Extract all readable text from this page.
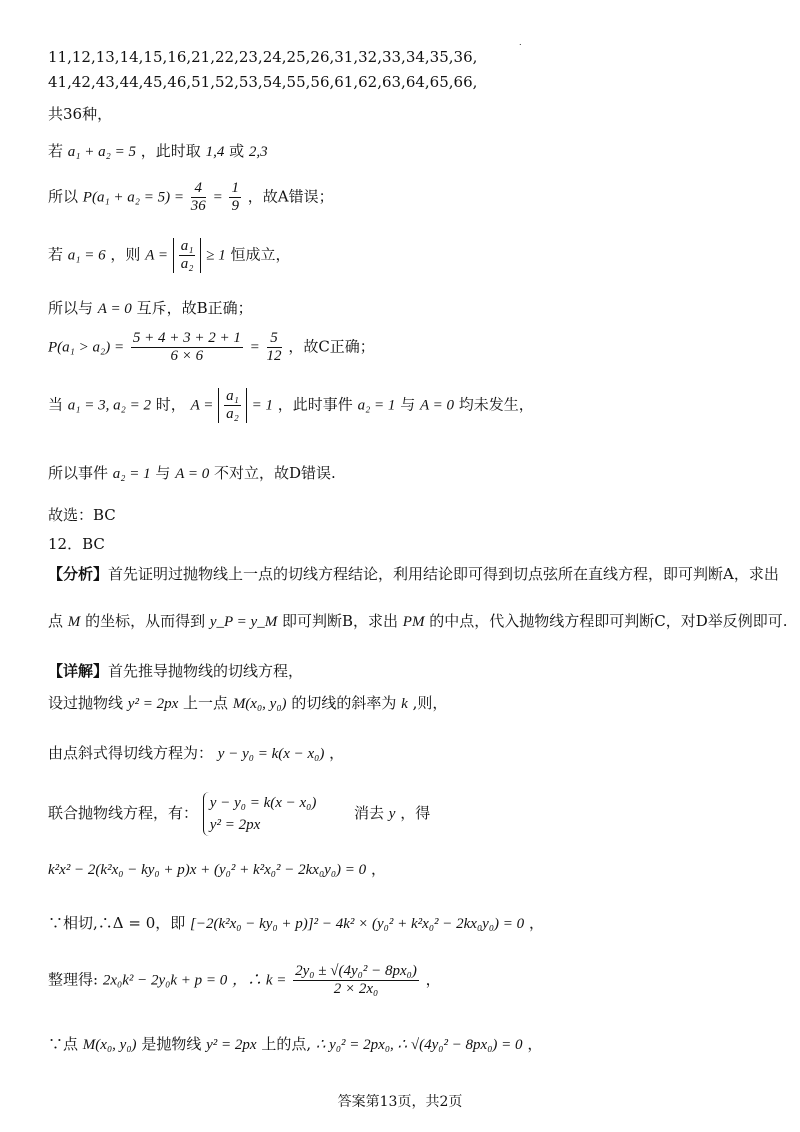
.
11,12,13,14,15,16,21,22,23,24,25,26,31,32,33,34,35,36,
41,42,43,44,45,46,51,52,53,54,55,56,61,62,63,64,65,66,
共36种，
若 a₁ + a₂ = 5 ，此时取 1,4 或 2,3
所以 $P(a_1 + a_2 = 5) = \frac{4}{36} = \frac{1}{9}$ ，故A错误；
若 a₁ = 6 ，则 $A = \frac{\text{a₁}}{\text{a₂}} \ge 1$ 恒成立，
所以与 A = 0 互斥，故B正确；
$P(a_1 > a_2) = \frac{5 + 4 + 3 + 2 + 1}{6 \times 6} = \frac{5}{12}$ ，故C正确；
当 a₁ = 3, a₂ = 2 时， $A = \frac{\text{a₁}}{\text{a₂}} = 1$ ，此时事件 a₂ = 1 与 A = 0 均未发生，
所以事件 a₂ = 1 与 A = 0 不对立，故D错误.
故选：BC
12．BC
【分析】首先证明过抛物线上一点的切线方程结论，利用结论即可得到切点弦所在直线方程，即可判断A，求出
点 M 的坐标，从而得到 y_P = y_M 即可判断B，求出 PM 的中点，代入抛物线方程即可判断C，对D举反例即可.
【详解】首先推导抛物线的切线方程，
设过抛物线 y² = 2px 上一点 M(x₀, y₀) 的切线的斜率为 k ,则，
由点斜式得切线方程为： y − y₀ = k(x − x₀) ，
联合抛物线方程，有：
y − y₀ = k(x − x₀)
y² = 2px
消去 y ，得
k²x² − 2(k²x₀ − ky₀ + p)x + (y₀² + k²x₀² − 2kx₀y₀) = 0 ，
∵相切,∴Δ = 0，即 [−2(k²x₀ − ky₀ + p)]² − 4k² × (y₀² + k²x₀² − 2kx₀y₀) = 0 ，
整理得: 2x₀k² − 2y₀k + p = 0 ，∴ $k = \frac{\text{2y₀ ± √(4y₀² − 8px₀)}}{\text{2 × 2x₀}}$ ，
∵点 M(x₀, y₀) 是抛物线 y² = 2px 上的点, ∴ y₀² = 2px₀, ∴ √(4y₀² − 8px₀) = 0 ，
答案第13页，共2页
